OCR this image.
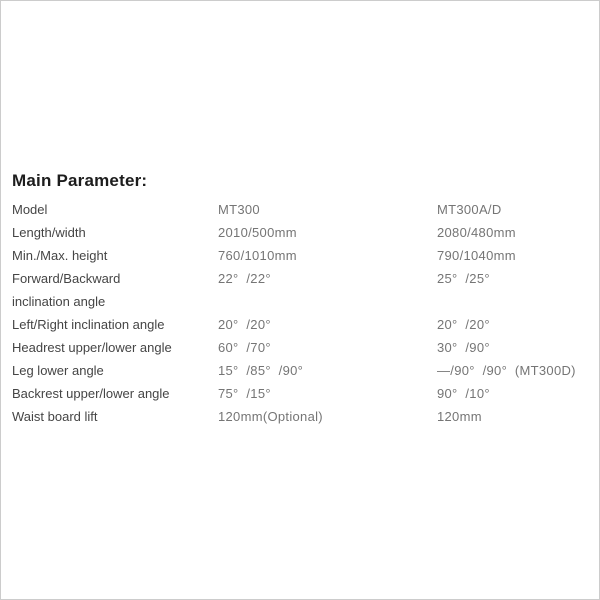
Main Parameter:
Model	MT300	MT300A/D
Length/width	2010/500mm	2080/480mm
Min./Max. height	760/1010mm	790/1040mm
Forward/Backward
inclination angle
22°  /22°	25°  /25°
Left/Right inclination angle	20°  /20°	20°  /20°
Headrest upper/lower angle	60°  /70°	30°  /90°
Leg lower angle	15°  /85°  /90°	—/90°  /90°  (MT300D)
Backrest upper/lower angle	75°  /15°	90°  /10°
Waist board lift	120mm(Optional)	120mm
